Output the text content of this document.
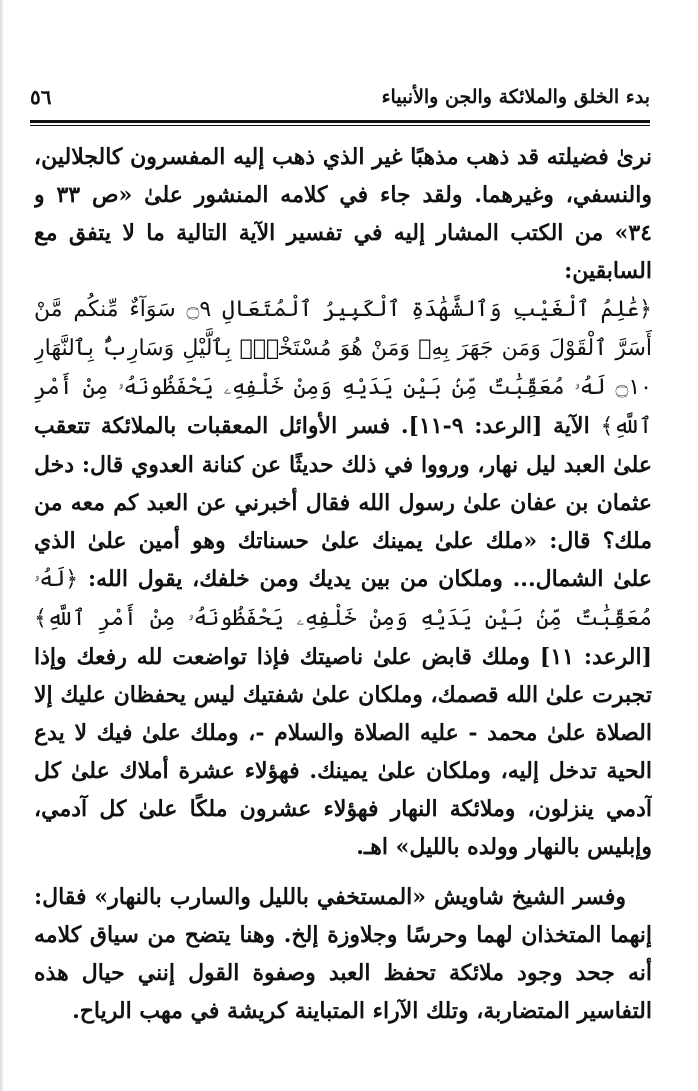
بدء الخلق والملائكة والجن والأنبياء
٥٦

نرىٰ فضيلته قد ذهب مذهبًا غير الذي ذهب إليه المفسرون كالجلالين، والنسفي، وغيرهما. ولقد جاء في كلامه المنشور علىٰ «ص ٣٣ و ٣٤» من الكتب المشار إليه في تفسير الآية التالية ما لا يتفق مع السابقين:

﴿عَٰلِمُ ٱلْغَيْبِ وَٱلشَّهَٰدَةِ ٱلْكَبِيرُ ٱلْمُتَعَالِ ۝٩ سَوَآءٌ مِّنكُم مَّنْ أَسَرَّ ٱلْقَوْلَ وَمَن جَهَرَ بِهِۦ وَمَنْ هُوَ مُسْتَخْفٍۭ بِٱلَّيْلِ وَسَارِبٌۢ بِٱلنَّهَارِ ۝١٠ لَهُۥ مُعَقِّبَٰتٌ مِّنۢ بَيْنِ يَدَيْهِ وَمِنْ خَلْفِهِۦ يَحْفَظُونَهُۥ مِنْ أَمْرِ ٱللَّهِ﴾ الآية [الرعد: ٩-١١]. فسر الأوائل المعقبات بالملائكة تتعقب علىٰ العبد ليل نهار، ورووا في ذلك حديثًا عن كنانة العدوي قال: دخل عثمان بن عفان علىٰ رسول الله فقال أخبرني عن العبد كم معه من ملك؟ قال: «ملك علىٰ يمينك علىٰ حسناتك وهو أمين علىٰ الذي علىٰ الشمال... وملكان من بين يديك ومن خلفك، يقول الله: ﴿لَهُۥ مُعَقِّبَٰتٌ مِّنۢ بَيْنِ يَدَيْهِ وَمِنْ خَلْفِهِۦ يَحْفَظُونَهُۥ مِنْ أَمْرِ ٱللَّهِ﴾ [الرعد: ١١] وملك قابض علىٰ ناصيتك فإذا تواضعت لله رفعك وإذا تجبرت علىٰ الله قصمك، وملكان علىٰ شفتيك ليس يحفظان عليك إلا الصلاة علىٰ محمد - عليه الصلاة والسلام -، وملك علىٰ فيك لا يدع الحية تدخل إليه، وملكان علىٰ يمينك. فهؤلاء عشرة أملاك علىٰ كل آدمي ينزلون، وملائكة النهار فهؤلاء عشرون ملكًا علىٰ كل آدمي، وإبليس بالنهار وولده بالليل» اهـ.

وفسر الشيخ شاويش «المستخفي بالليل والسارب بالنهار» فقال: إنهما المتخذان لهما وحرسًا وجلاوزة إلخ. وهنا يتضح من سياق كلامه أنه جحد وجود ملائكة تحفظ العبد وصفوة القول إنني حيال هذه التفاسير المتضاربة، وتلك الآراء المتباينة كريشة في مهب الرياح.
